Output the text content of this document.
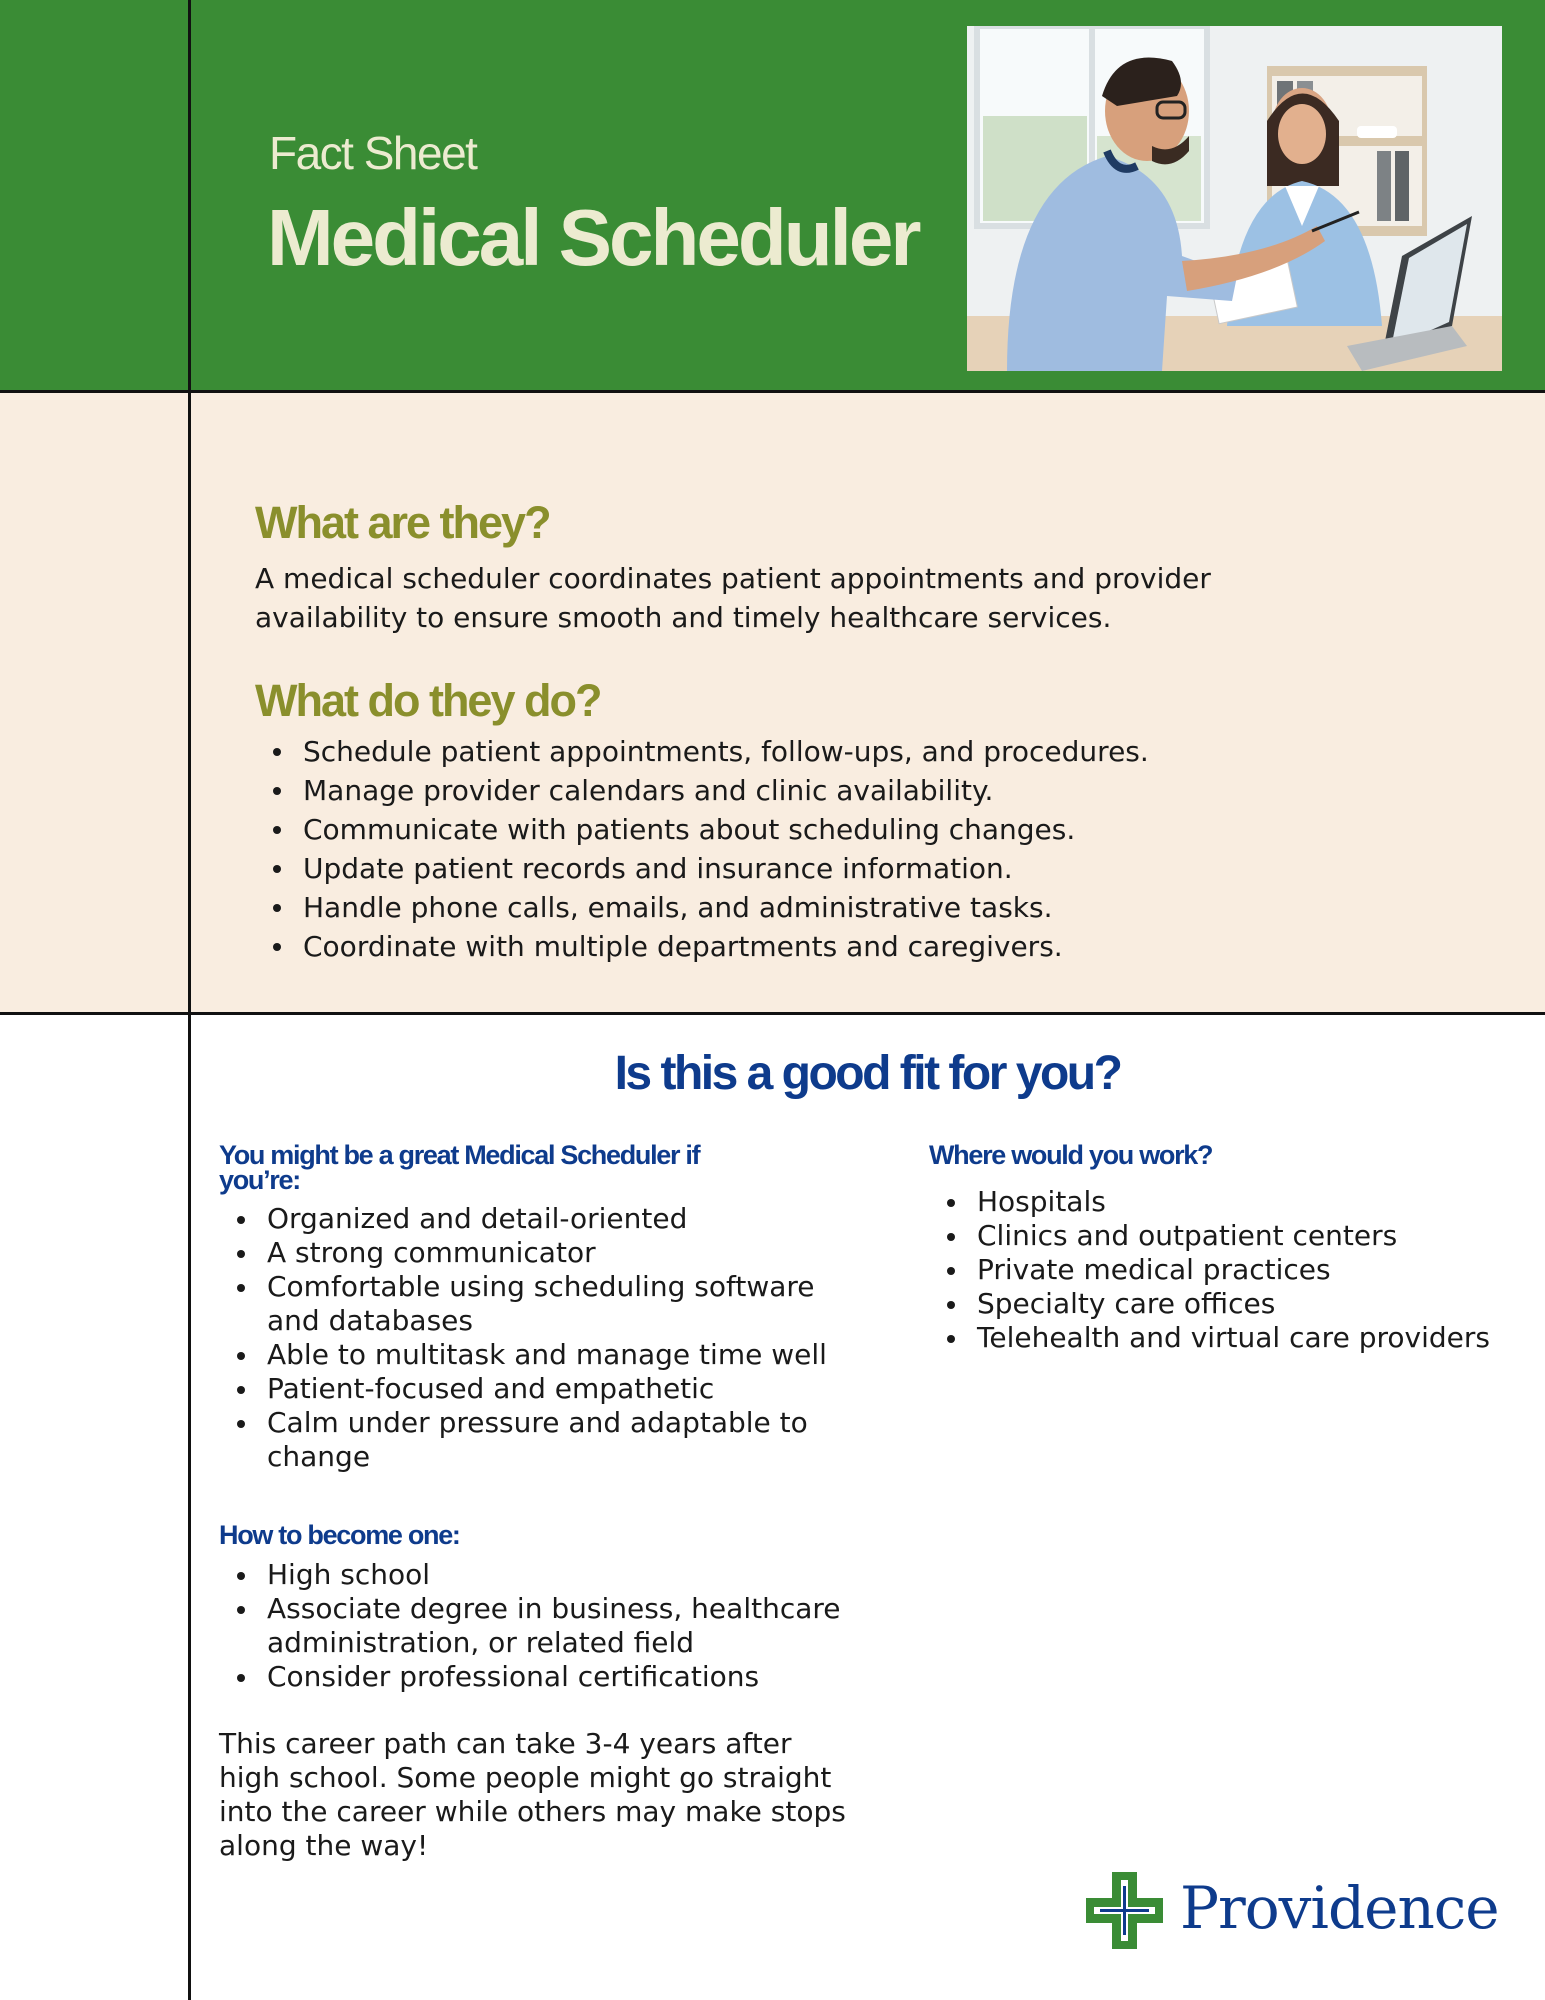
Fact Sheet
Medical Scheduler
What are they?
A medical scheduler coordinates patient appointments and provider
availability to ensure smooth and timely healthcare services.
What do they do?
Schedule patient appointments, follow-ups, and procedures.
Manage provider calendars and clinic availability.
Communicate with patients about scheduling changes.
Update patient records and insurance information.
Handle phone calls, emails, and administrative tasks.
Coordinate with multiple departments and caregivers.
Is this a good fit for you?
You might be a great Medical Scheduler if
you’re:
Organized and detail-oriented
A strong communicator
Comfortable using scheduling software and databases
Able to multitask and manage time well
Patient-focused and empathetic
Calm under pressure and adaptable to change
How to become one:
High school
Associate degree in business, healthcare administration, or related field
Consider professional certifications
This career path can take 3-4 years after high school. Some people might go straight into the career while others may make stops along the way!
Where would you work?
Hospitals
Clinics and outpatient centers
Private medical practices
Specialty care offices
Telehealth and virtual care providers
Providence
